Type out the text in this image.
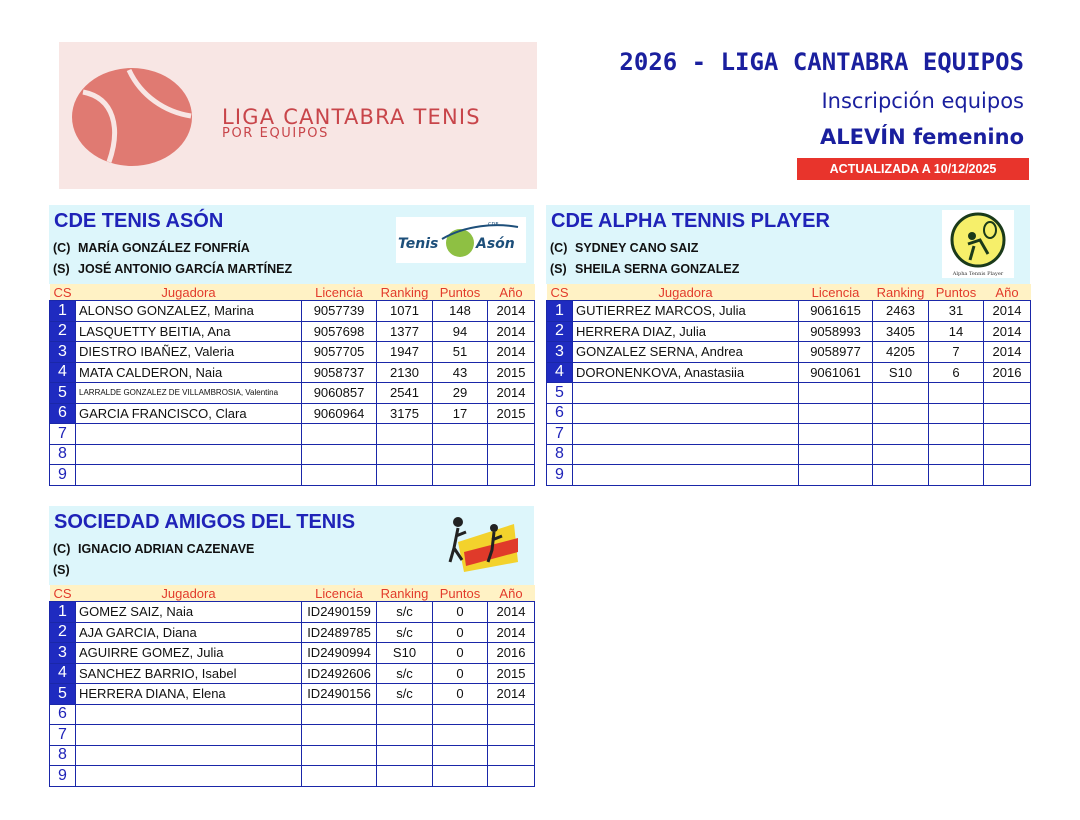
LIGA CANTABRA TENIS
POR EQUIPOS
2026 - LIGA CANTABRA EQUIPOS
Inscripción equipos
ALEVÍN femenino
ACTUALIZADA A 10/12/2025
CDE TENIS ASÓN
(C) MARÍA GONZÁLEZ FONFRÍA
(S) JOSÉ ANTONIO GARCÍA MARTÍNEZ
Tenis	Asón
CDE
CS	Jugadora	Licencia	Ranking	Puntos	Año
1	ALONSO GONZALEZ, Marina	9057739	1071	148	2014
2	LASQUETTY BEITIA, Ana	9057698	1377	94	2014
3	DIESTRO IBAÑEZ, Valeria	9057705	1947	51	2014
4	MATA CALDERON, Naia	9058737	2130	43	2015
5	LARRALDE GONZALEZ DE VILLAMBROSIA, Valentina	9060857	2541	29	2014
6	GARCIA FRANCISCO, Clara	9060964	3175	17	2015
7					
8					
9					
CDE ALPHA TENNIS PLAYER
(C) SYDNEY CANO SAIZ
(S) SHEILA SERNA GONZALEZ	Alpha Tennis Player
CS	Jugadora	Licencia	Ranking	Puntos	Año
1	GUTIERREZ MARCOS, Julia	9061615	2463	31	2014
2	HERRERA DIAZ, Julia	9058993	3405	14	2014
3	GONZALEZ SERNA, Andrea	9058977	4205	7	2014
4	DORONENKOVA, Anastasiia	9061061	S10	6	2016
5					
6					
7					
8					
9					
SOCIEDAD AMIGOS DEL TENIS
(C) IGNACIO ADRIAN CAZENAVE
(S)
CS	Jugadora	Licencia	Ranking	Puntos	Año
1	GOMEZ SAIZ, Naia	ID2490159	s/c	0	2014
2	AJA GARCIA, Diana	ID2489785	s/c	0	2014
3	AGUIRRE GOMEZ, Julia	ID2490994	S10	0	2016
4	SANCHEZ BARRIO, Isabel	ID2492606	s/c	0	2015
5	HERRERA DIANA, Elena	ID2490156	s/c	0	2014
6					
7					
8					
9					
